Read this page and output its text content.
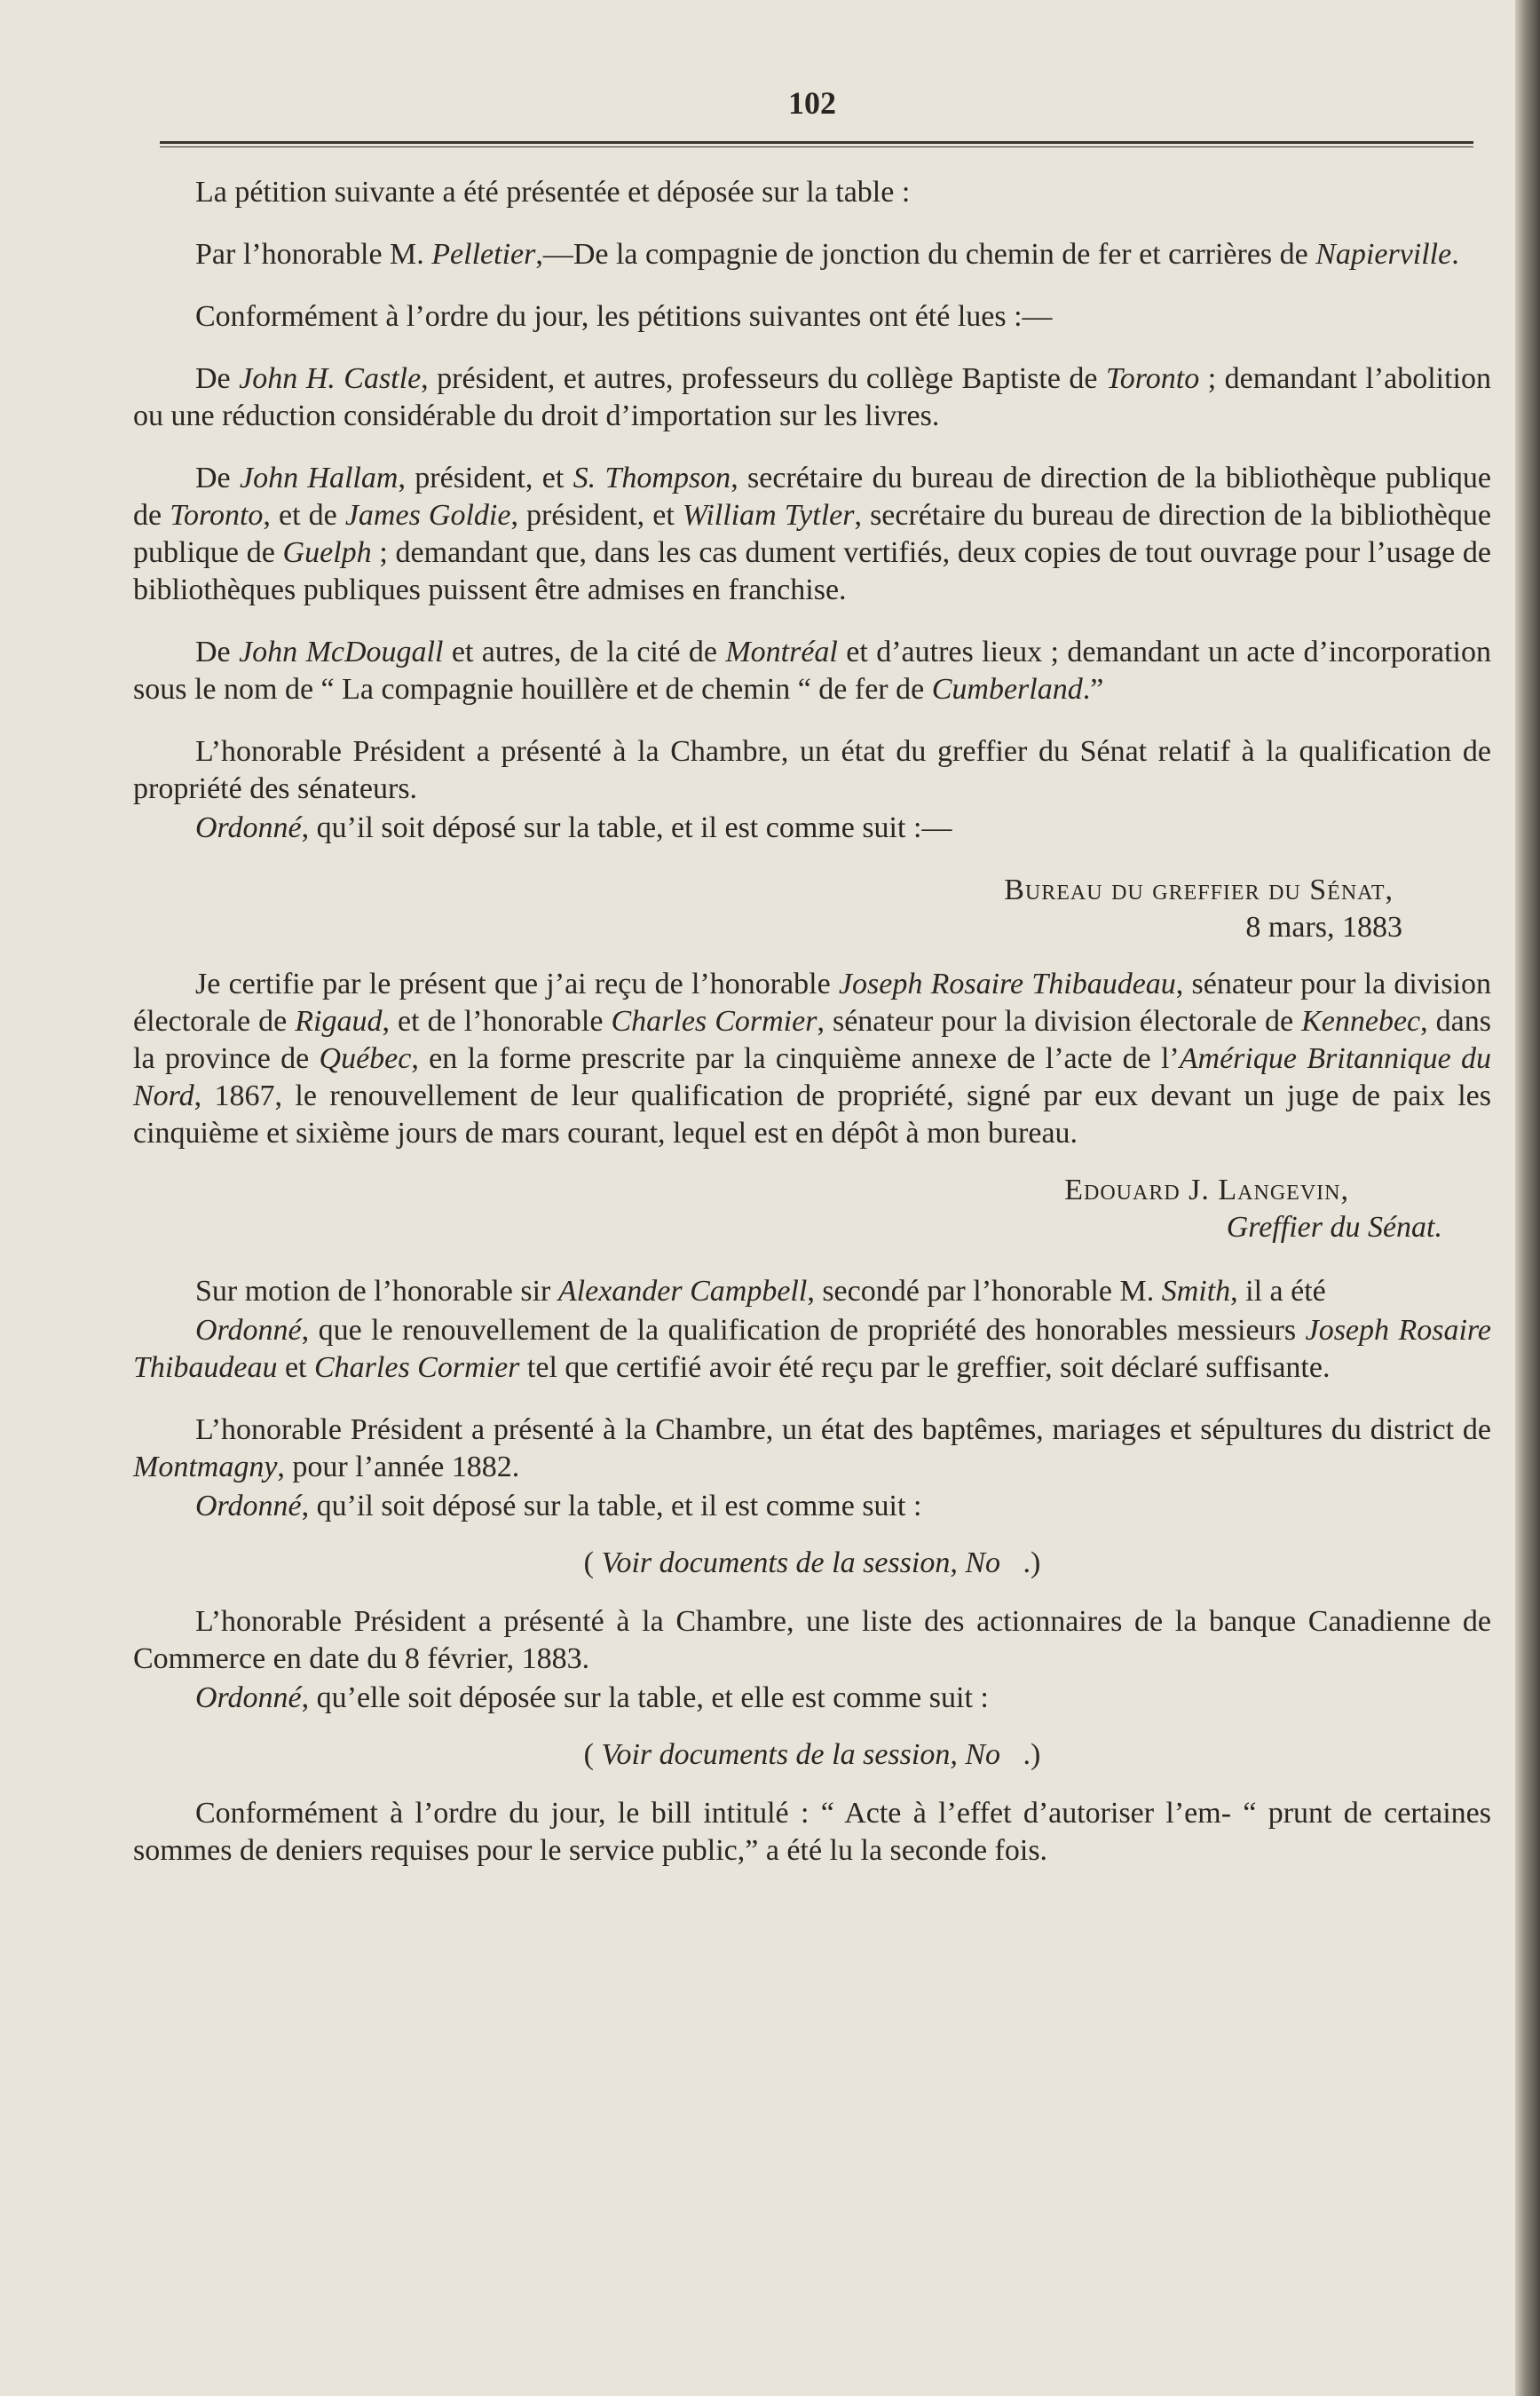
102

La pétition suivante a été présentée et déposée sur la table :

Par l’honorable M. Pelletier,—De la compagnie de jonction du chemin de fer et carrières de Napierville.

Conformément à l’ordre du jour, les pétitions suivantes ont été lues :—

De John H. Castle, président, et autres, professeurs du collège Baptiste de Toronto ; demandant l’abolition ou une réduction considérable du droit d’importation sur les livres.

De John Hallam, président, et S. Thompson, secrétaire du bureau de direction de la bibliothèque publique de Toronto, et de James Goldie, président, et William Tytler, secrétaire du bureau de direction de la bibliothèque publique de Guelph ; demandant que, dans les cas dument vertifiés, deux copies de tout ouvrage pour l’usage de bibliothèques publiques puissent être admises en franchise.

De John McDougall et autres, de la cité de Montréal et d’autres lieux ; demandant un acte d’incorporation sous le nom de “ La compagnie houillère et de chemin “ de fer de Cumberland.”

L’honorable Président a présenté à la Chambre, un état du greffier du Sénat relatif à la qualification de propriété des sénateurs.

Ordonné, qu’il soit déposé sur la table, et il est comme suit :—

Bureau du greffier du Sénat,
8 mars, 1883

Je certifie par le présent que j’ai reçu de l’honorable Joseph Rosaire Thibaudeau, sénateur pour la division électorale de Rigaud, et de l’honorable Charles Cormier, sénateur pour la division électorale de Kennebec, dans la province de Québec, en la forme prescrite par la cinquième annexe de l’acte de l’Amérique Britannique du Nord, 1867, le renouvellement de leur qualification de propriété, signé par eux devant un juge de paix les cinquième et sixième jours de mars courant, lequel est en dépôt à mon bureau.

Edouard J. Langevin,
Greffier du Sénat.

Sur motion de l’honorable sir Alexander Campbell, secondé par l’honorable M. Smith, il a été

Ordonné, que le renouvellement de la qualification de propriété des honorables messieurs Joseph Rosaire Thibaudeau et Charles Cormier tel que certifié avoir été reçu par le greffier, soit déclaré suffisante.

L’honorable Président a présenté à la Chambre, un état des baptêmes, mariages et sépultures du district de Montmagny, pour l’année 1882.

Ordonné, qu’il soit déposé sur la table, et il est comme suit :

( Voir documents de la session, No   .)

L’honorable Président a présenté à la Chambre, une liste des actionnaires de la banque Canadienne de Commerce en date du 8 février, 1883.

Ordonné, qu’elle soit déposée sur la table, et elle est comme suit :

( Voir documents de la session, No   .)

Conformément à l’ordre du jour, le bill intitulé : “ Acte à l’effet d’autoriser l’em- “ prunt de certaines sommes de deniers requises pour le service public,” a été lu la seconde fois.
